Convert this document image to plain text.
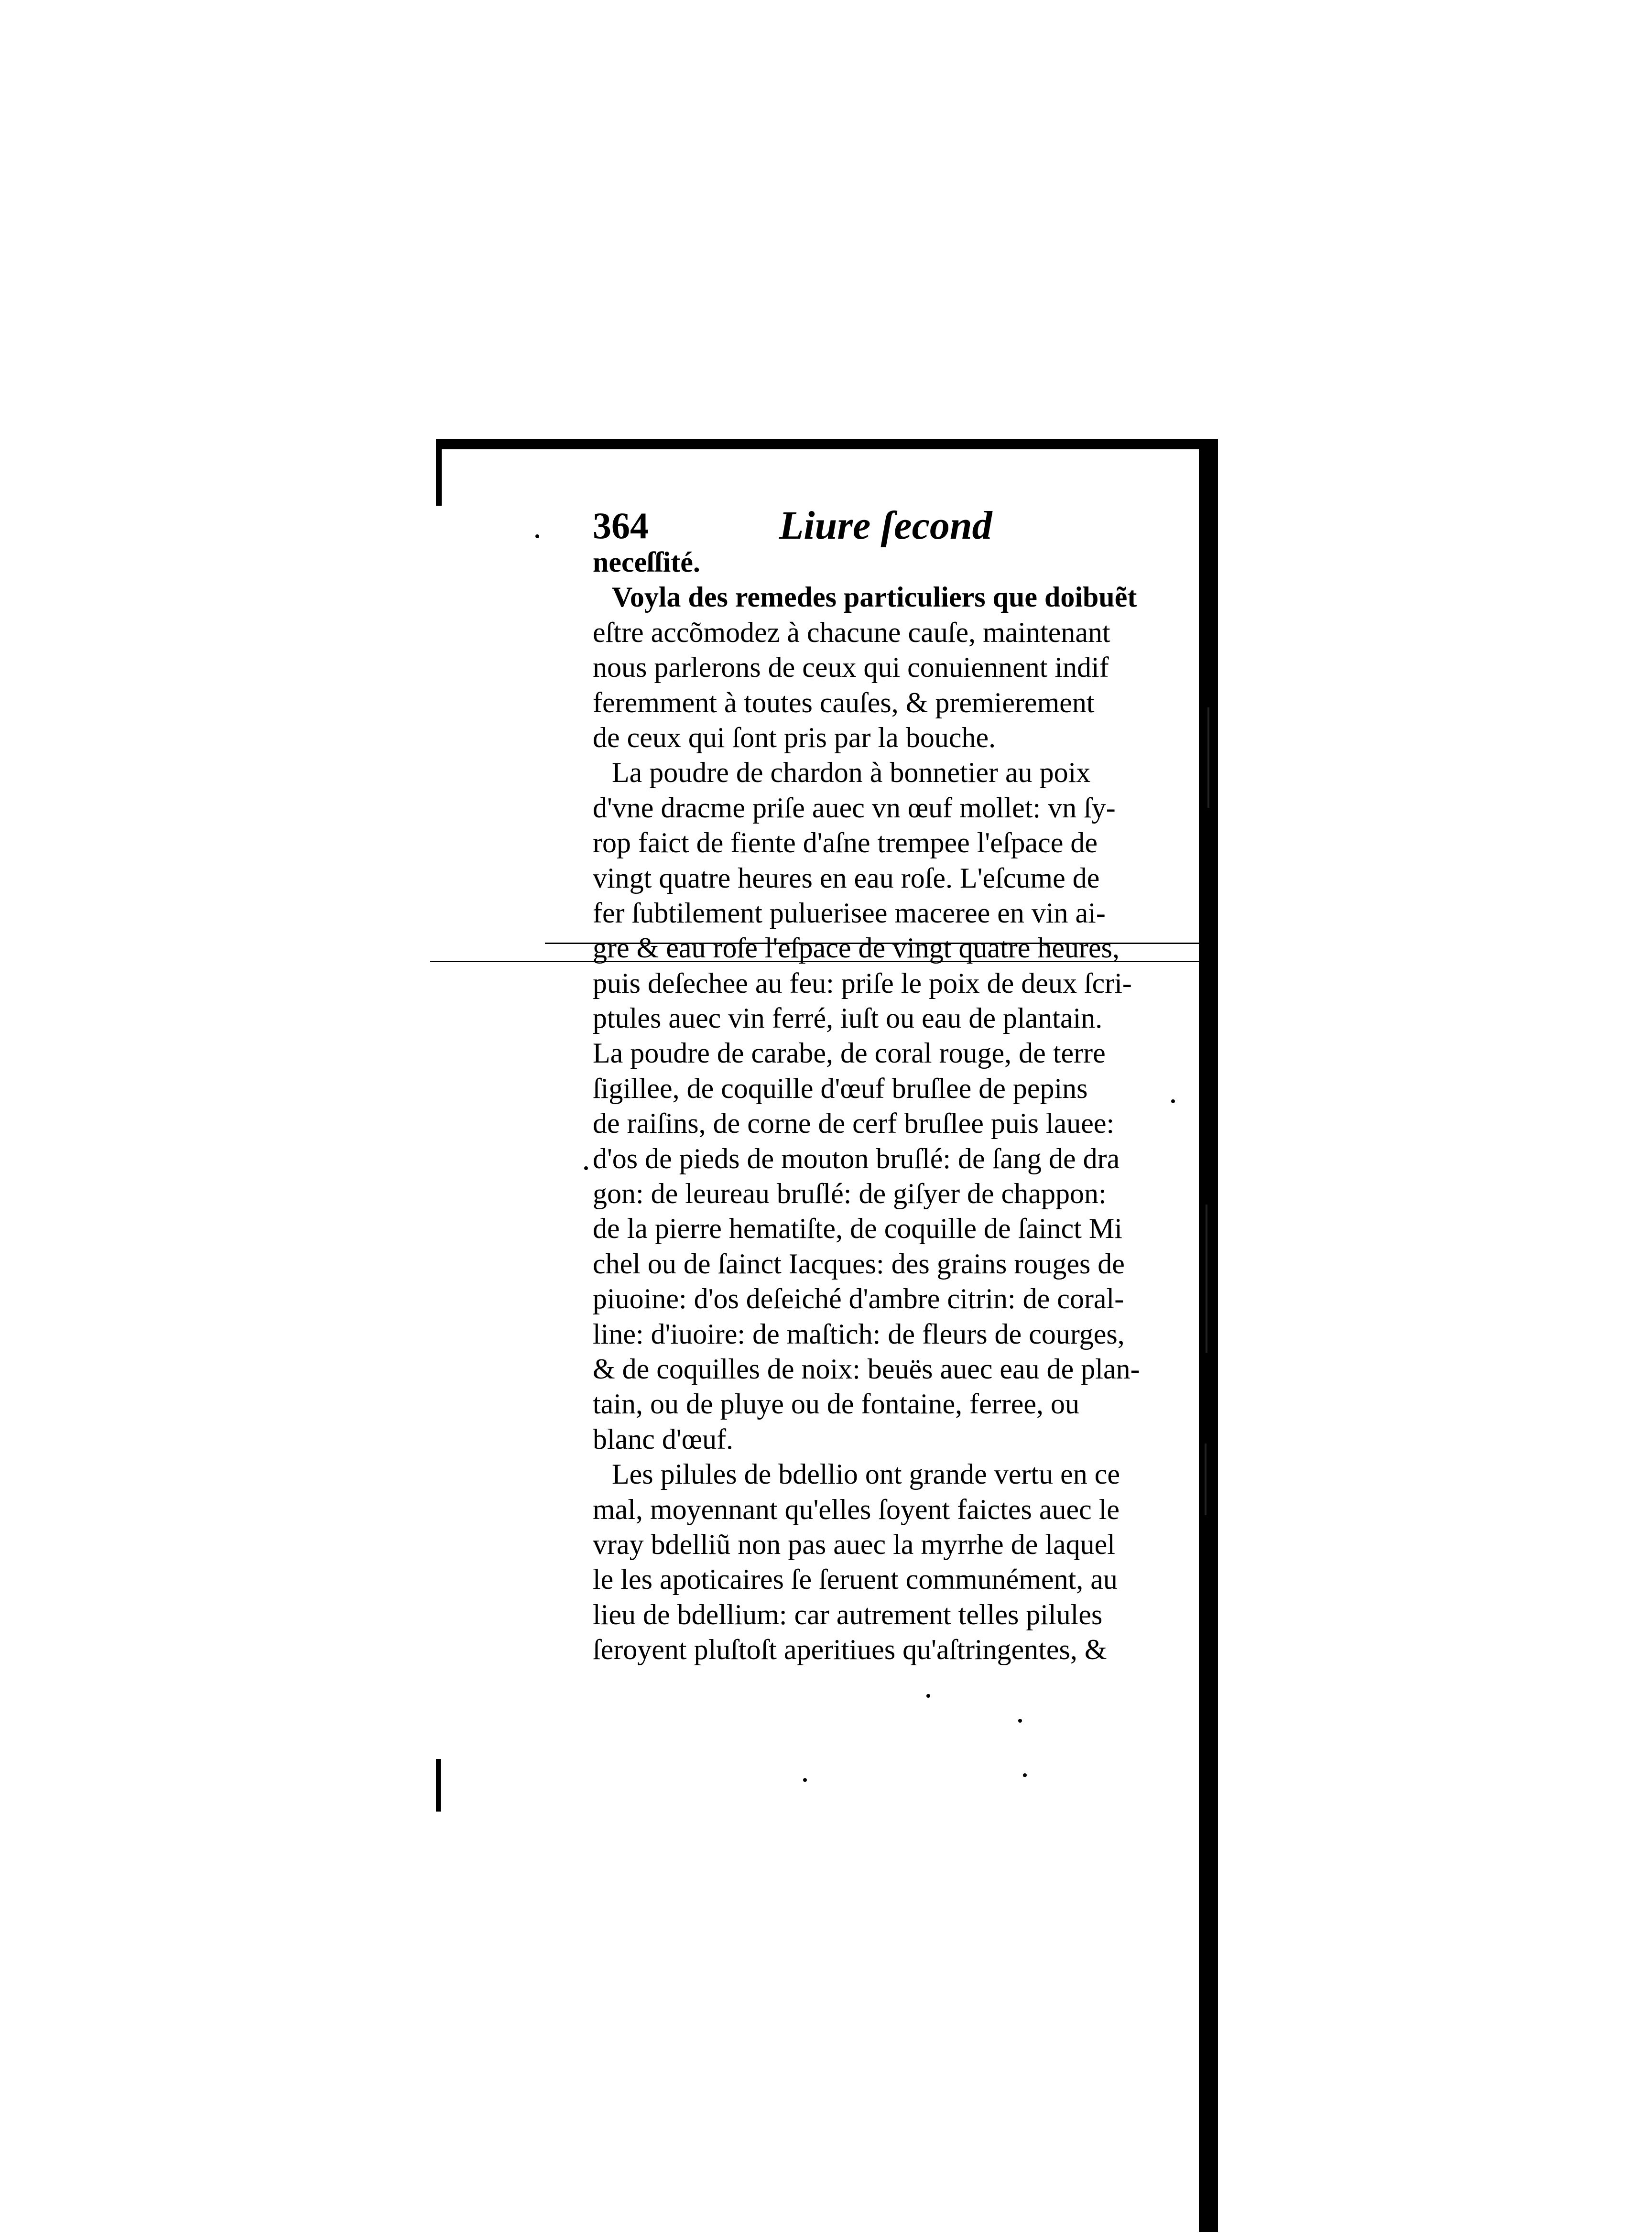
364	Liure ſecond
neceſſité.
Voyla des remedes particuliers que doibuẽt
eſtre accõmodez à chacune cauſe, maintenant
nous parlerons de ceux qui conuiennent indif
feremment à toutes cauſes, & premierement
de ceux qui ſont pris par la bouche.
La poudre de chardon à bonnetier au poix
d'vne dracme priſe auec vn œuf mollet: vn ſy-
rop faict de fiente d'aſne trempee l'eſpace de
vingt quatre heures en eau roſe. L'eſcume de
fer ſubtilement puluerisee maceree en vin ai-
gre & eau roſe l'eſpace de vingt quatre heures,
puis deſechee au feu: priſe le poix de deux ſcri-
ptules auec vin ferré, iuſt ou eau de plantain.
La poudre de carabe, de coral rouge, de terre
ſigillee, de coquille d'œuf bruſlee de pepins
de raiſins, de corne de cerf bruſlee puis lauee:
d'os de pieds de mouton bruſlé: de ſang de dra
gon: de leureau bruſlé: de giſyer de chappon:
de la pierre hematiſte, de coquille de ſainct Mi
chel ou de ſainct Iacques: des grains rouges de
piuoine: d'os deſeiché d'ambre citrin: de coral-
line: d'iuoire: de maſtich: de fleurs de courges,
& de coquilles de noix: beuës auec eau de plan-
tain, ou de pluye ou de fontaine, ferree, ou
blanc d'œuf.
Les pilules de bdellio ont grande vertu en ce
mal, moyennant qu'elles ſoyent faictes auec le
vray bdelliũ non pas auec la myrrhe de laquel
le les apoticaires ſe ſeruent communément, au
lieu de bdellium: car autrement telles pilules
ſeroyent pluſtoſt aperitiues qu'aſtringentes, &
